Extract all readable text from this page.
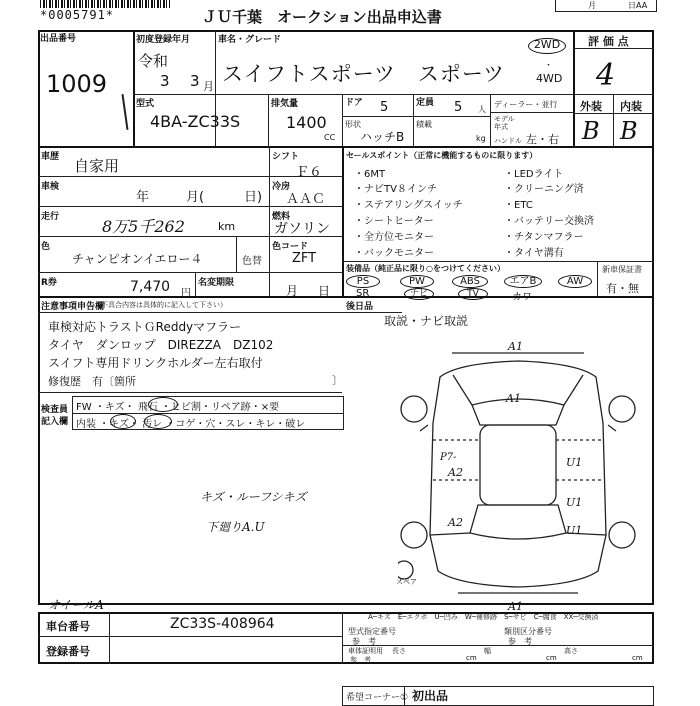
*0005791*	ＪＵ千葉　オークション出品申込書
月	日AA
出品番号
1009
初度登録年月
令和
3 3 月
車名・グレード
スイフトスポーツ　スポーツ
2WD
・
4WD
評 価 点
4
外装 内装
B B
型式
4BA-ZC33S
排気量
1400
CC
ドア 5	定員 5 人
形状
ハッチB
積載
kg
ディーラー・並行
モデル年式
ハンドル 左・右
車歴 自家用	シフト
Ｆ６
車検
年	月(	日)
冷房
ＡＡＣ
走行	8万5千262	km
燃料
ガソリン
色
チャンピオンイエロー４	色替
色コード
ZFT
R券	7,470 円
名変期限
月 日
セールスポイント（正常に機能するものに限ります）
・6MT
・ナビTV８インチ
・ステアリングスイッチ
・シートヒーター
・全方位モニター
・バックモニター
・LEDライト
・クリーニング済
・ETC
・バッテリー交換済
・チタンマフラー
・タイヤ溝有
装備品（純正品に限り○をつけてください）
PS	PW	ABS	エアB	AW
SR	ナビ	TV	カワ
新車保証書
有・無
注意事項申告欄
（不具合内容は具体的に記入して下さい）
車検対応トラストＧReddyマフラー
タイヤ　ダンロップ　DIREZZA　DZ102
スイフト専用ドリンクホルダー左右取付
修復歴　有〔箇所	〕
後日品
取説・ナビ取説
検査員
記入欄
FW ・キズ・ 飛石 ・ヒビ割・リペア跡・×要
内装 ・キズ・ 汚レ ・コゲ・穴・スレ・キレ・破レ
キズ・ルーフシキズ
下廻りA.U
オイールA
A1
A1
P7-
A2
U1
U1
A2
U1
A1
スペア
A─キズ　E─エクボ　U─凹み　W─補修跡　S─サビ　C─腐食　XX─交換済
車台番号	ZC33S-408964
登録番号
型式指定番号
参　考
類別区分番号
参　考
車体証明用
参　考
長さ
cm
幅
cm
高さ
cm
希望コーナー① 初出品
